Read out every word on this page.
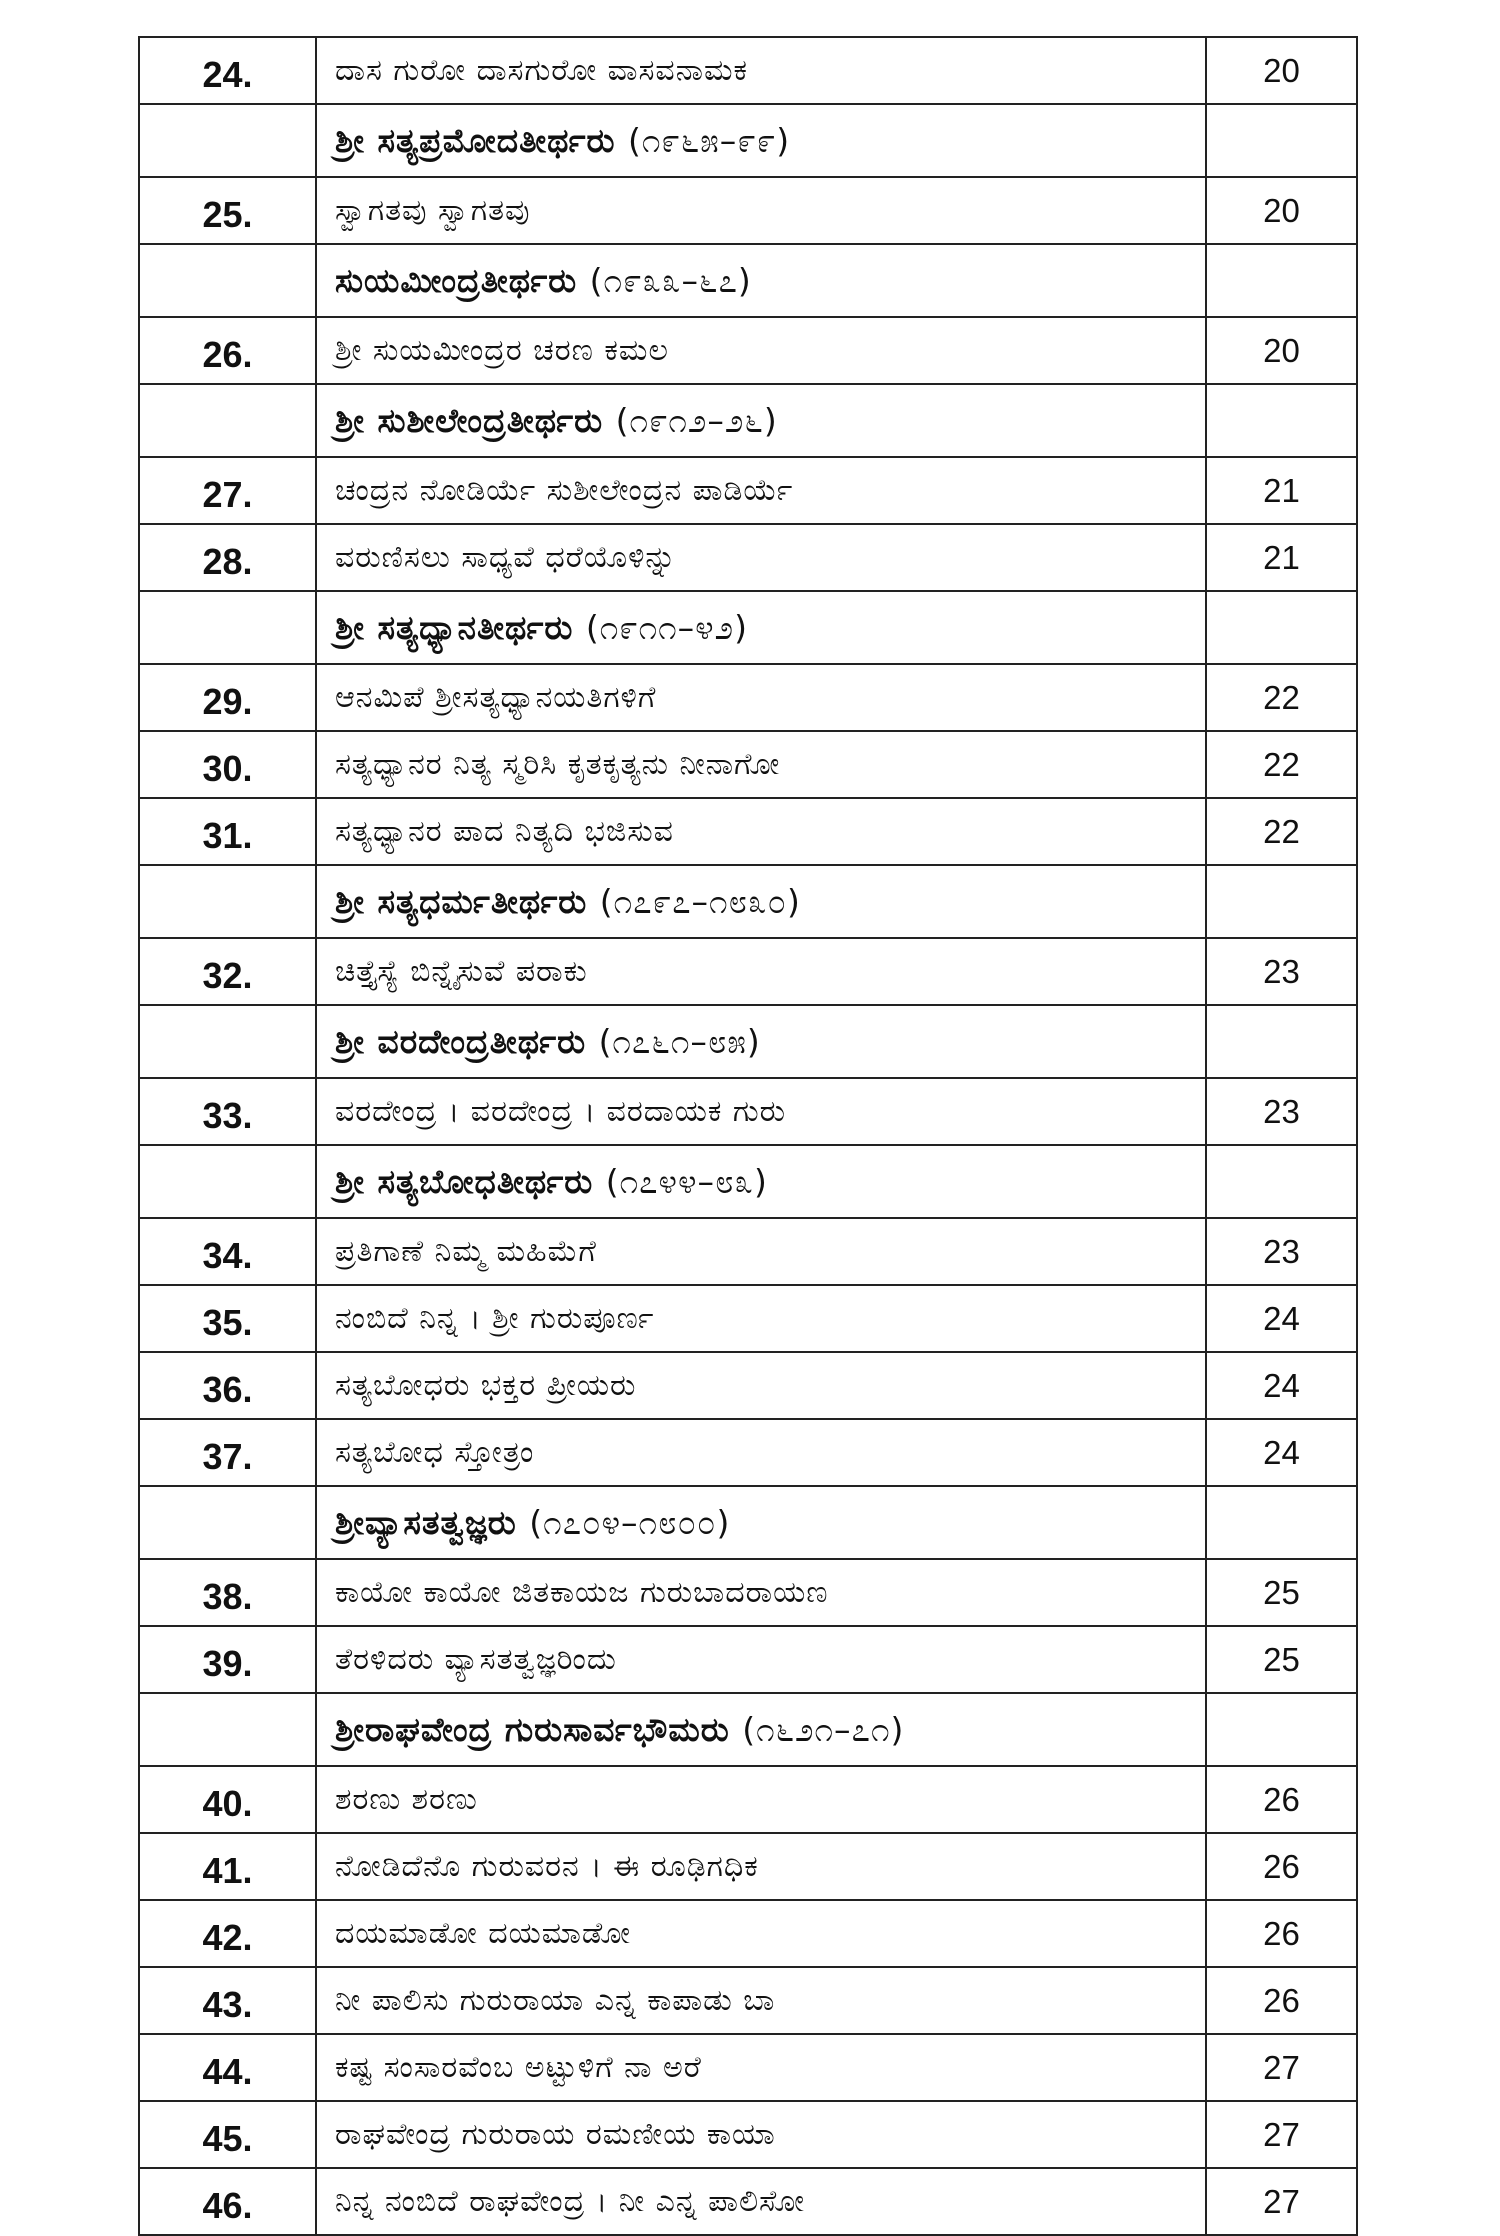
24.	ದಾಸ ಗುರೋ ದಾಸಗುರೋ ವಾಸವನಾಮಕ	20
	ಶ್ರೀ ಸತ್ಯಪ್ರಮೋದತೀರ್ಥರು (೧೯೬೫–೯೯)	
25.	ಸ್ವಾಗತವು ಸ್ವಾಗತವು	20
	ಸುಯಮೀಂದ್ರತೀರ್ಥರು (೧೯೩೩–೬೭)	
26.	ಶ್ರೀ ಸುಯಮೀಂದ್ರರ ಚರಣ ಕಮಲ	20
	ಶ್ರೀ ಸುಶೀಲೇಂದ್ರತೀರ್ಥರು (೧೯೧೨–೨೬)	
27.	ಚಂದ್ರನ ನೋಡಿರ್ಯೆ ಸುಶೀಲೇಂದ್ರನ ಪಾಡಿರ್ಯೆ	21
28.	ವರುಣಿಸಲು ಸಾಧ್ಯವೆ ಧರೆಯೊಳಿನ್ನು	21
	ಶ್ರೀ ಸತ್ಯಧ್ಯಾನತೀರ್ಥರು (೧೯೧೧–೪೨)	
29.	ಆನಮಿಪೆ ಶ್ರೀಸತ್ಯಧ್ಯಾನಯತಿಗಳಿಗೆ	22
30.	ಸತ್ಯಧ್ಯಾನರ ನಿತ್ಯ ಸ್ಮರಿಸಿ ಕೃತಕೃತ್ಯನು ನೀನಾಗೋ	22
31.	ಸತ್ಯಧ್ಯಾನರ ಪಾದ ನಿತ್ಯದಿ ಭಜಿಸುವ	22
	ಶ್ರೀ ಸತ್ಯಧರ್ಮತೀರ್ಥರು (೧೭೯೭–೧೮೩೦)	
32.	ಚಿತ್ತೈಸ್ಯೆ ಬಿನ್ನೈಸುವೆ ಪರಾಕು	23
	ಶ್ರೀ ವರದೇಂದ್ರತೀರ್ಥರು (೧೭೬೧–೮೫)	
33.	ವರದೇಂದ್ರ । ವರದೇಂದ್ರ । ವರದಾಯಕ ಗುರು	23
	ಶ್ರೀ ಸತ್ಯಬೋಧತೀರ್ಥರು (೧೭೪೪–೮೩)	
34.	ಪ್ರತಿಗಾಣೆ ನಿಮ್ಮ ಮಹಿಮೆಗೆ	23
35.	ನಂಬಿದೆ ನಿನ್ನ । ಶ್ರೀ ಗುರುಪೂರ್ಣ	24
36.	ಸತ್ಯಬೋಧರು ಭಕ್ತರ ಪ್ರೀಯರು	24
37.	ಸತ್ಯಬೋಧ ಸ್ತೋತ್ರಂ	24
	ಶ್ರೀವ್ಯಾಸತತ್ವಜ್ಞರು (೧೭೦೪–೧೮೦೦)	
38.	ಕಾಯೋ ಕಾಯೋ ಜಿತಕಾಯಜ ಗುರುಬಾದರಾಯಣ	25
39.	ತೆರಳಿದರು ವ್ಯಾಸತತ್ವಜ್ಞರಿಂದು	25
	ಶ್ರೀರಾಘವೇಂದ್ರ ಗುರುಸಾರ್ವಭೌಮರು (೧೬೨೧–೭೧)	
40.	ಶರಣು ಶರಣು	26
41.	ನೋಡಿದೆನೊ ಗುರುವರನ । ಈ ರೂಢಿಗಧಿಕ	26
42.	ದಯಮಾಡೋ ದಯಮಾಡೋ	26
43.	ನೀ ಪಾಲಿಸು ಗುರುರಾಯಾ ಎನ್ನ ಕಾಪಾಡು ಬಾ	26
44.	ಕಷ್ಟ ಸಂಸಾರವೆಂಬ ಅಟ್ಟುಳಿಗೆ ನಾ ಅರೆ	27
45.	ರಾಘವೇಂದ್ರ ಗುರುರಾಯ ರಮಣೀಯ ಕಾಯಾ	27
46.	ನಿನ್ನ ನಂಬಿದೆ ರಾಘವೇಂದ್ರ । ನೀ ಎನ್ನ ಪಾಲಿಸೋ	27
